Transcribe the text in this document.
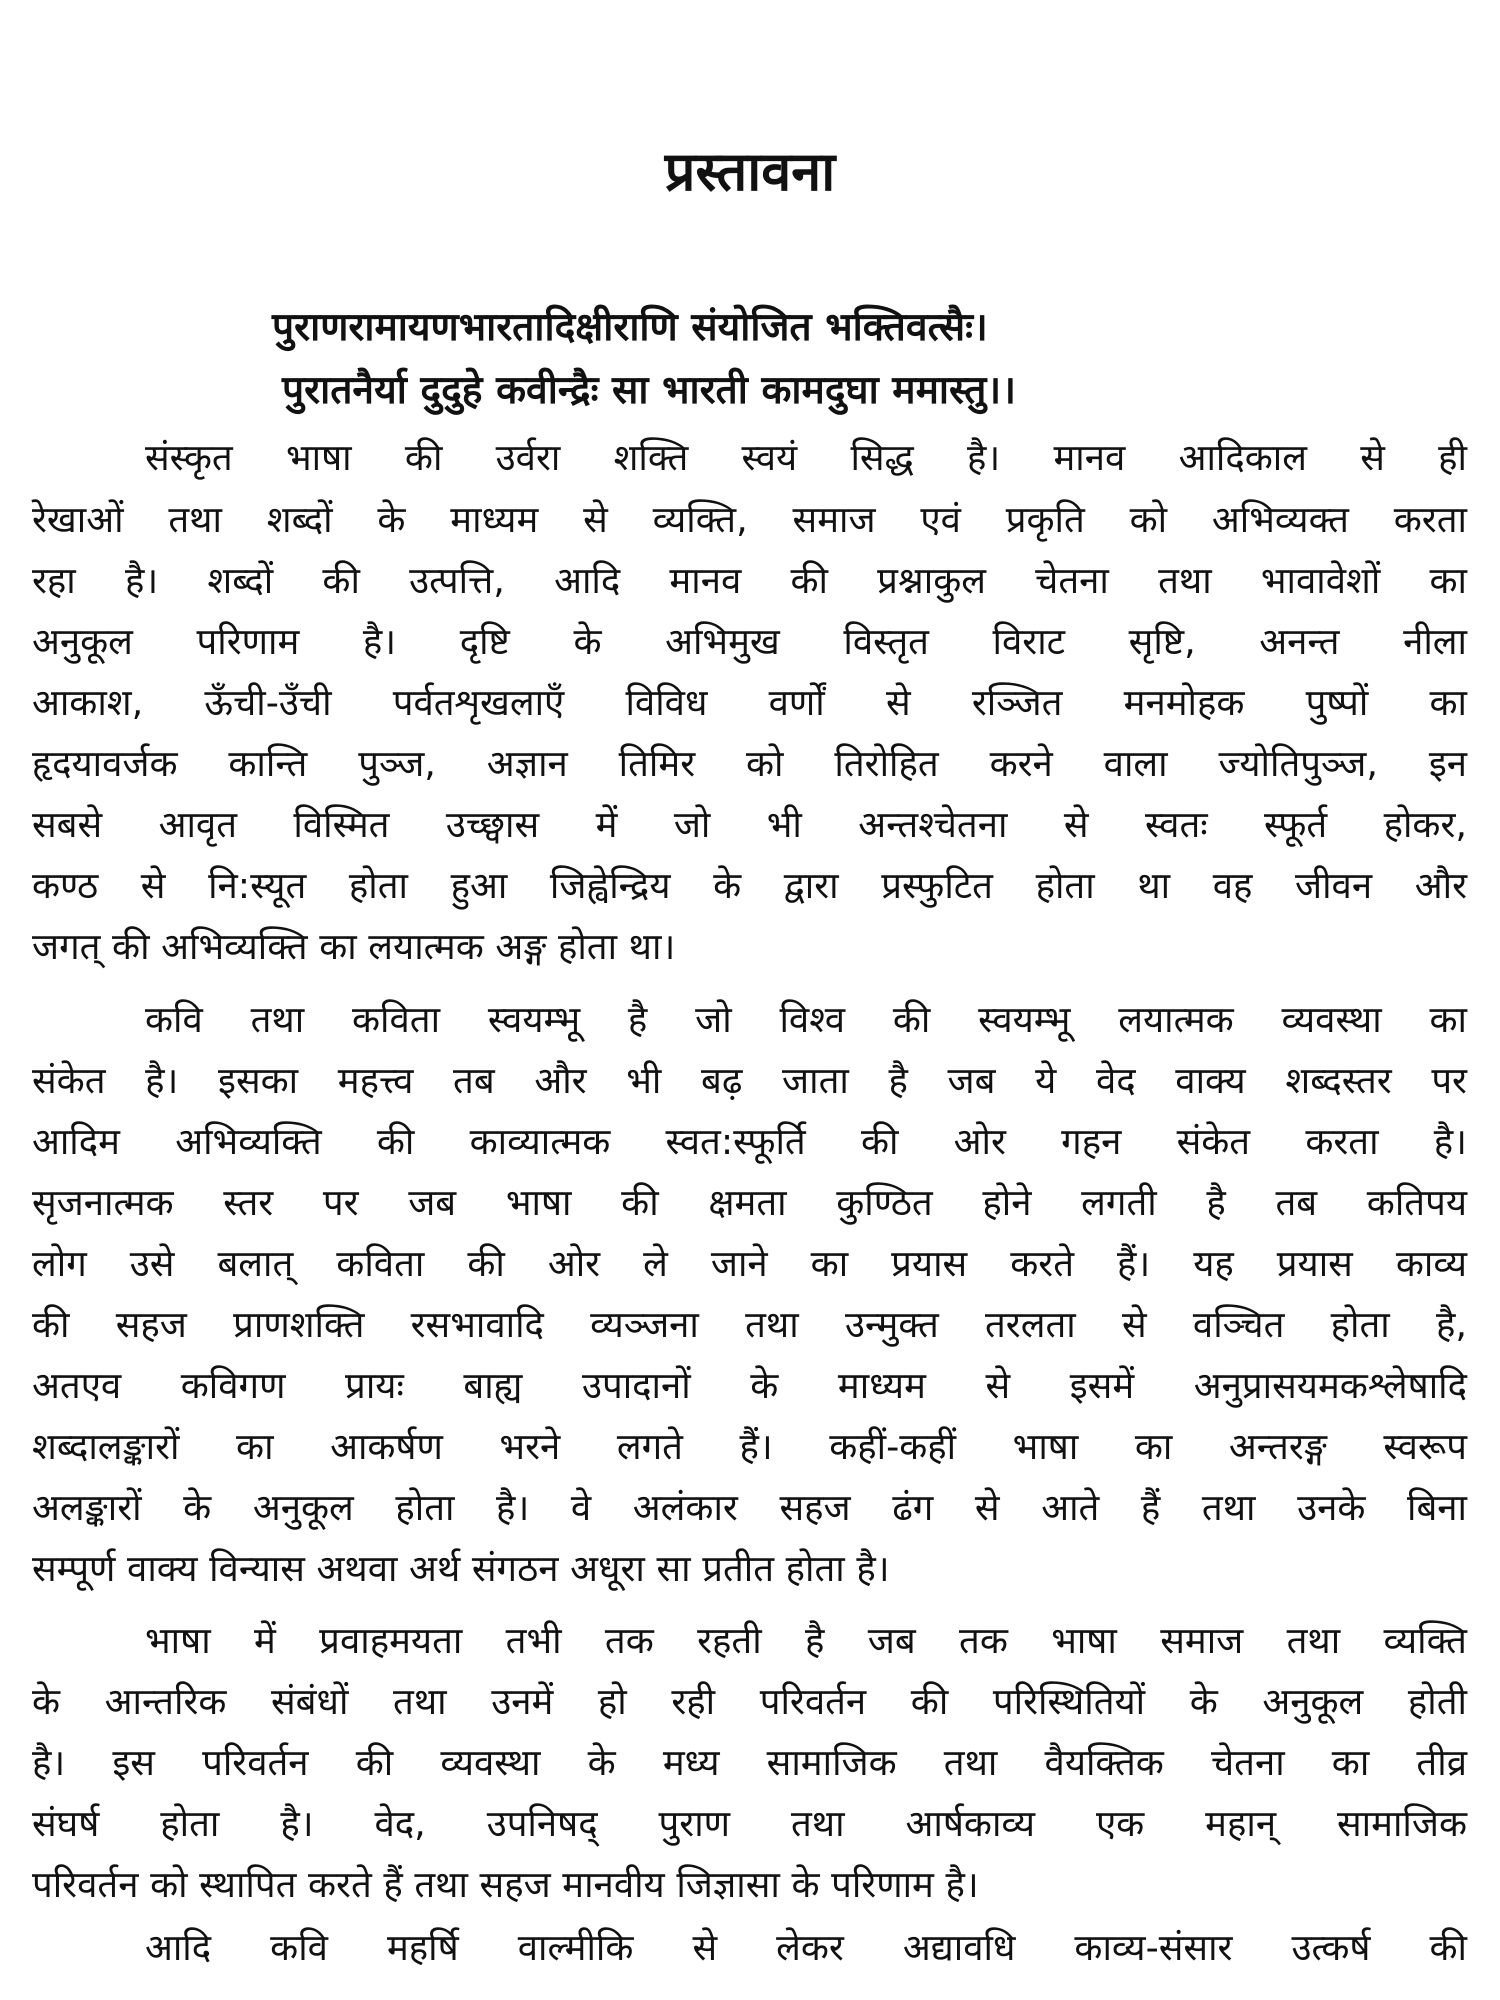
प्रस्तावना

पुराणरामायणभारतादिक्षीराणि संयोजित भक्तिवत्सैः।

पुरातनैर्या दुदुहे कवीन्द्रैः सा भारती कामदुघा ममास्तु।।

संस्कृत भाषा की उर्वरा शक्ति स्वयं सिद्ध है। मानव आदिकाल से ही

रेखाओं तथा शब्दों के माध्यम से व्यक्ति, समाज एवं प्रकृति को अभिव्यक्त करता

रहा है। शब्दों की उत्पत्ति, आदि मानव की प्रश्नाकुल चेतना तथा भावावेशों का

अनुकूल परिणाम है। दृष्टि के अभिमुख विस्तृत विराट सृष्टि, अनन्त नीला

आकाश, ऊँची-उँची पर्वतशृखलाएँ विविध वर्णों से रञ्जित मनमोहक पुष्पों का

हृदयावर्जक कान्ति पुञ्ज, अज्ञान तिमिर को तिरोहित करने वाला ज्योतिपुञ्ज, इन

सबसे आवृत विस्मित उच्छ्वास में जो भी अन्तश्चेतना से स्वतः स्फूर्त होकर,

कण्ठ से नि:स्यूत होता हुआ जिह्वेन्द्रिय के द्वारा प्रस्फुटित होता था वह जीवन और

जगत् की अभिव्यक्ति का लयात्मक अङ्ग होता था।

कवि तथा कविता स्वयम्भू है जो विश्व की स्वयम्भू लयात्मक व्यवस्था का

संकेत है। इसका महत्त्व तब और भी बढ़ जाता है जब ये वेद वाक्य शब्दस्तर पर

आदिम अभिव्यक्ति की काव्यात्मक स्वत:स्फूर्ति की ओर गहन संकेत करता है।

सृजनात्मक स्तर पर जब भाषा की क्षमता कुण्ठित होने लगती है तब कतिपय

लोग उसे बलात् कविता की ओर ले जाने का प्रयास करते हैं। यह प्रयास काव्य

की सहज प्राणशक्ति रसभावादि व्यञ्जना तथा उन्मुक्त तरलता से वञ्चित होता है,

अतएव कविगण प्रायः बाह्य उपादानों के माध्यम से इसमें अनुप्रासयमकश्लेषादि

शब्दालङ्कारों का आकर्षण भरने लगते हैं। कहीं-कहीं भाषा का अन्तरङ्ग स्वरूप

अलङ्कारों के अनुकूल होता है। वे अलंकार सहज ढंग से आते हैं तथा उनके बिना

सम्पूर्ण वाक्य विन्यास अथवा अर्थ संगठन अधूरा सा प्रतीत होता है।

भाषा में प्रवाहमयता तभी तक रहती है जब तक भाषा समाज तथा व्यक्ति

के आन्तरिक संबंधों तथा उनमें हो रही परिवर्तन की परिस्थितियों के अनुकूल होती

है। इस परिवर्तन की व्यवस्था के मध्य सामाजिक तथा वैयक्तिक चेतना का तीव्र

संघर्ष होता है। वेद, उपनिषद् पुराण तथा आर्षकाव्य एक महान् सामाजिक

परिवर्तन को स्थापित करते हैं तथा सहज मानवीय जिज्ञासा के परिणाम है।

आदि कवि महर्षि वाल्मीकि से लेकर अद्यावधि काव्य-संसार उत्कर्ष की
